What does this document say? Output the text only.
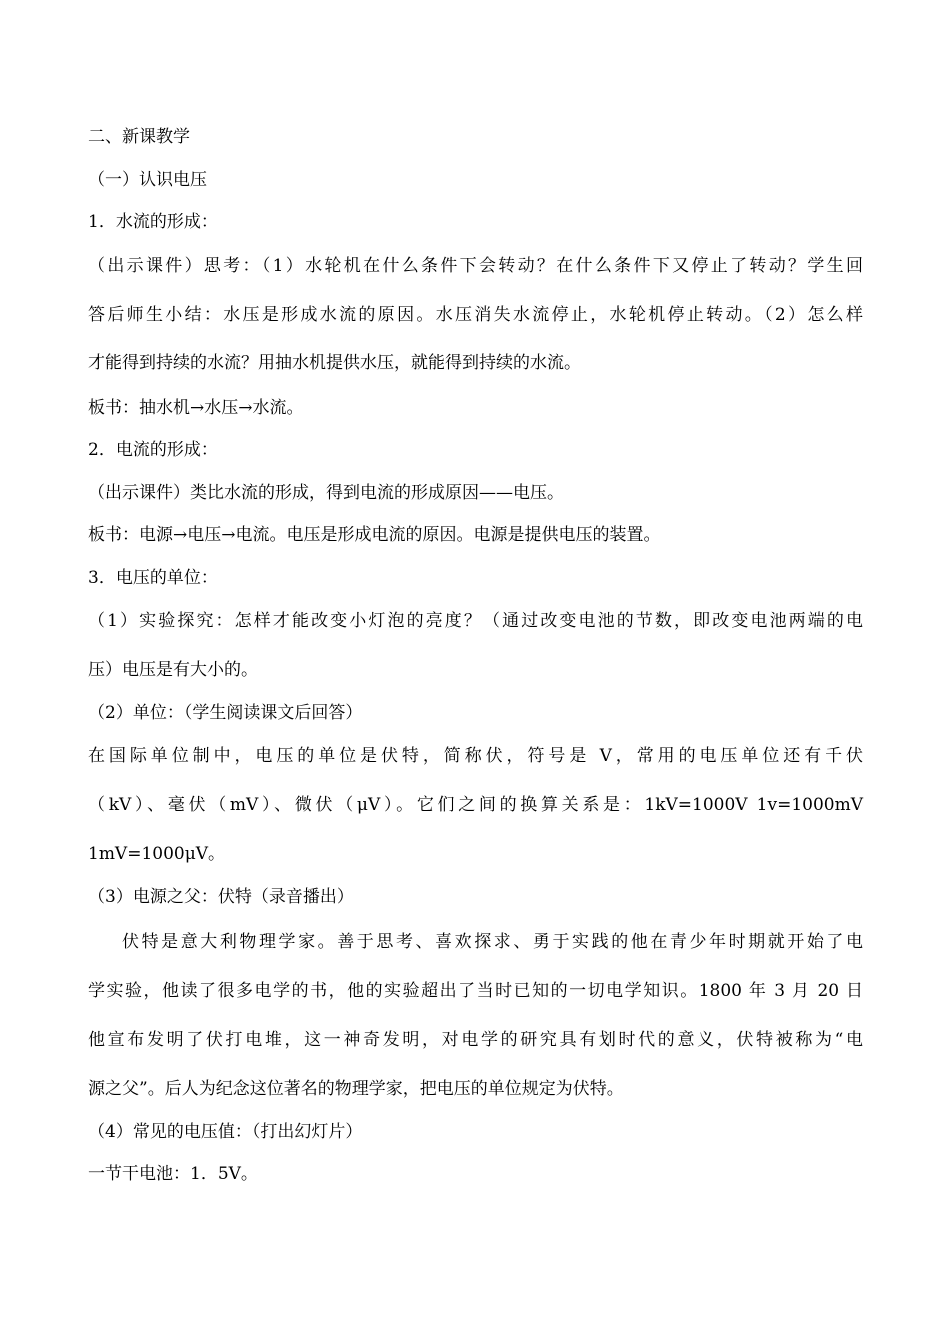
二、新课教学
（一）认识电压
1．水流的形成：
（出示课件）思考：（1）水轮机在什么条件下会转动？在什么条件下又停止了转动？学生回
答后师生小结：水压是形成水流的原因。水压消失水流停止，水轮机停止转动。（2）怎么样
才能得到持续的水流？用抽水机提供水压，就能得到持续的水流。
板书：抽水机→水压→水流。
2．电流的形成：
（出示课件）类比水流的形成，得到电流的形成原因——电压。
板书：电源→电压→电流。电压是形成电流的原因。电源是提供电压的装置。
3．电压的单位：
（1）实验探究：怎样才能改变小灯泡的亮度？（通过改变电池的节数，即改变电池两端的电
压）电压是有大小的。
（2）单位：（学生阅读课文后回答）
在国际单位制中，电压的单位是伏特，简称伏，符号是 V，常用的电压单位还有千伏
（kV）、毫伏（mV）、微伏（μV）。它们之间的换算关系是：1kV=1000V 1v=1000mV
1mV=1000μV。
（3）电源之父：伏特（录音播出）
伏特是意大利物理学家。善于思考、喜欢探求、勇于实践的他在青少年时期就开始了电
学实验，他读了很多电学的书，他的实验超出了当时已知的一切电学知识。1800 年 3 月 20 日
他宣布发明了伏打电堆，这一神奇发明，对电学的研究具有划时代的意义，伏特被称为“电
源之父”。后人为纪念这位著名的物理学家，把电压的单位规定为伏特。
（4）常见的电压值：（打出幻灯片）
一节干电池：1．5V。
